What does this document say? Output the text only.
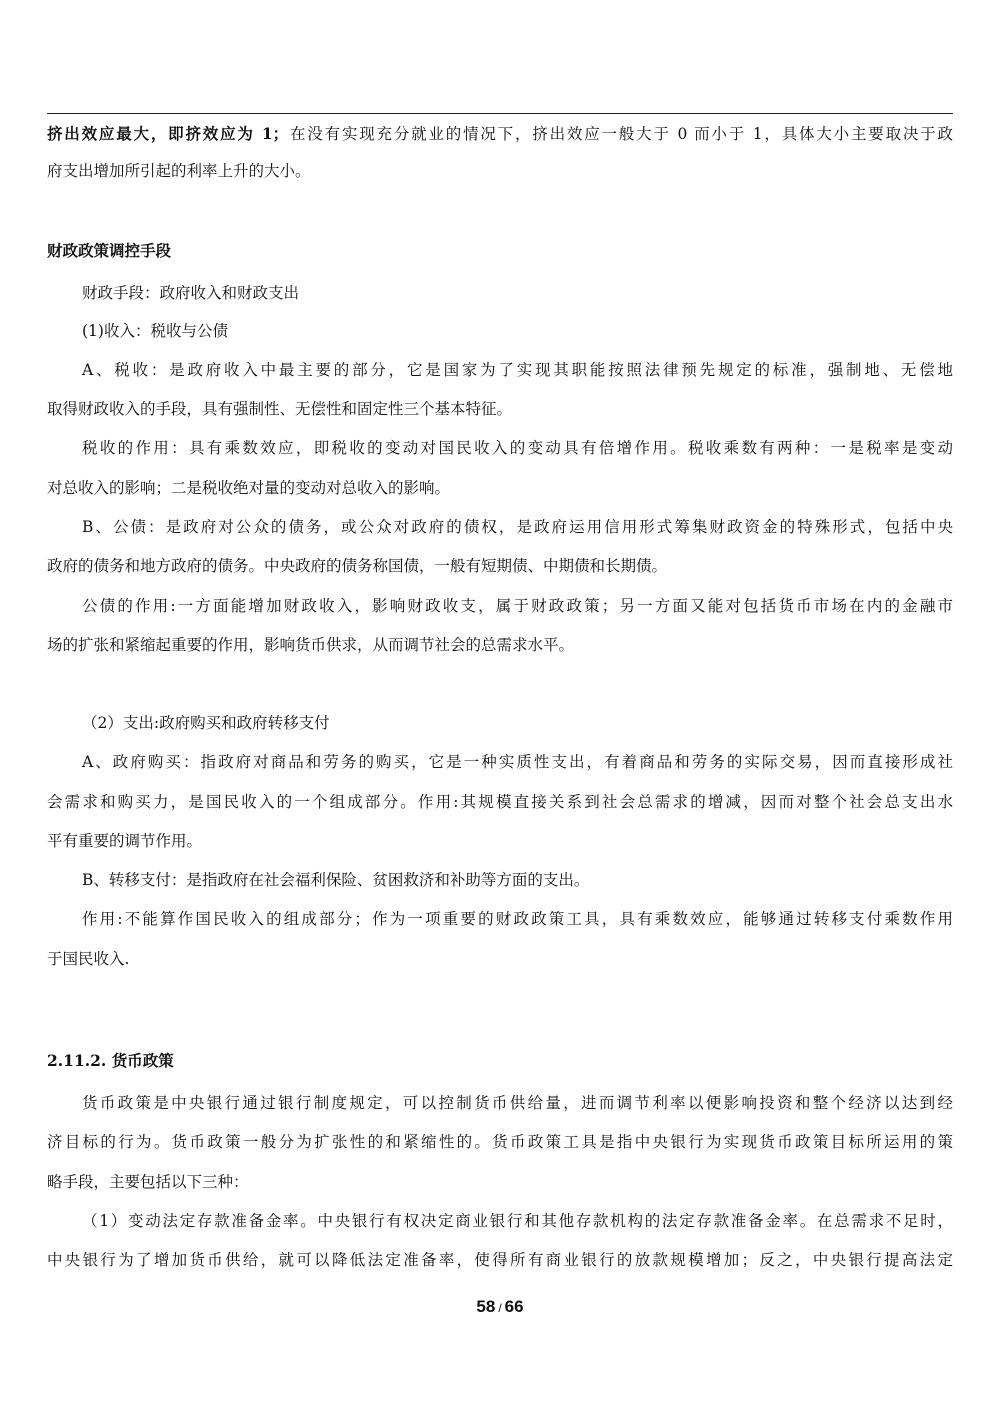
挤出效应最大，即挤效应为 1；在没有实现充分就业的情况下，挤出效应一般大于 0 而小于 1，具体大小主要取决于政
府支出增加所引起的利率上升的大小。
财政政策调控手段
财政手段：政府收入和财政支出
(1)收入：税收与公债
A、税收：是政府收入中最主要的部分，它是国家为了实现其职能按照法律预先规定的标准，强制地、无偿地
取得财政收入的手段，具有强制性、无偿性和固定性三个基本特征。
税收的作用：具有乘数效应，即税收的变动对国民收入的变动具有倍增作用。税收乘数有两种：一是税率是变动
对总收入的影响；二是税收绝对量的变动对总收入的影响。
B、公债：是政府对公众的债务，或公众对政府的债权，是政府运用信用形式筹集财政资金的特殊形式，包括中央
政府的债务和地方政府的债务。中央政府的债务称国债，一般有短期债、中期债和长期债。
公债的作用:一方面能增加财政收入，影响财政收支，属于财政政策；另一方面又能对包括货币市场在内的金融市
场的扩张和紧缩起重要的作用，影响货币供求，从而调节社会的总需求水平。
（2）支出:政府购买和政府转移支付
A、政府购买：指政府对商品和劳务的购买，它是一种实质性支出，有着商品和劳务的实际交易，因而直接形成社
会需求和购买力，是国民收入的一个组成部分。作用:其规模直接关系到社会总需求的增减，因而对整个社会总支出水
平有重要的调节作用。
B、转移支付：是指政府在社会福利保险、贫困救济和补助等方面的支出。
作用:不能算作国民收入的组成部分；作为一项重要的财政政策工具，具有乘数效应，能够通过转移支付乘数作用
于国民收入.
2.11.2. 货币政策
货币政策是中央银行通过银行制度规定，可以控制货币供给量，进而调节利率以便影响投资和整个经济以达到经
济目标的行为。货币政策一般分为扩张性的和紧缩性的。货币政策工具是指中央银行为实现货币政策目标所运用的策
略手段，主要包括以下三种：
（1）变动法定存款准备金率。中央银行有权决定商业银行和其他存款机构的法定存款准备金率。在总需求不足时，
中央银行为了增加货币供给，就可以降低法定准备率，使得所有商业银行的放款规模增加；反之，中央银行提高法定
58 / 66
